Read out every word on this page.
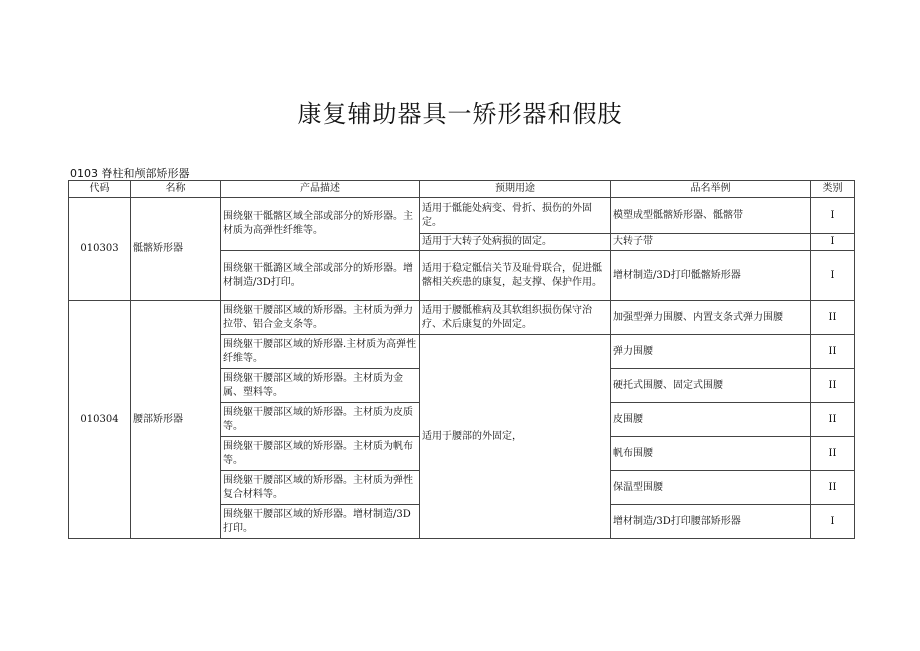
康复辅助器具一矫形器和假肢
0103 脊柱和颅部矫形器
代码	名称	产品描述	预期用途	品名举例	类别
010303	骶髂矫形器	围绕躯干骶髂区域全部或部分的矫形器。主材质为高弹性纤维等。	适用于骶能处病变、骨折、损伤的外固定。	模塑成型骶髂矫形器、骶髂带	I
			适用于大转子处病损的固定。	大转子带	I
		围绕躯干骶潞区域全部或部分的矫形器。增材制造/3D打印。	适用于稳定骶信关节及耻骨联合，促进骶髂相关疾患的康复，起支撑、保护作用。	增材制造/3D打印骶髂矫形器	I
010304	腰部矫形器	围绕躯干腰部区域的矫形器。主材质为弹力拉带、铝合金支条等。	适用于腰骶椎病及其软组织损伤保守治疗、术后康复的外固定。	加强型弹力围腰、内置支条式弹力围腰	II
		围绕躯干腰部区域的矫形器.主材质为高弹性纤维等。	适用于腰部的外固定，	弹力围腰	II
		围绕躯干腰部区域的矫形器。主材质为金属、塑料等。		硬托式围腰、固定式围腰	II
		围绕躯干腰部区域的矫形器。主材质为皮质等。		皮围腰	II
		围绕躯干腰部区域的矫形器。主材质为帆布等。		帆布围腰	II
		围绕躯干腰部区域的矫形器。主材质为弹性复合材料等。		保温型围腰	II
		围绕躯干腰部区域的矫形器。增材制造/3D打印。		增材制造/3D打印腰部矫形器	I
